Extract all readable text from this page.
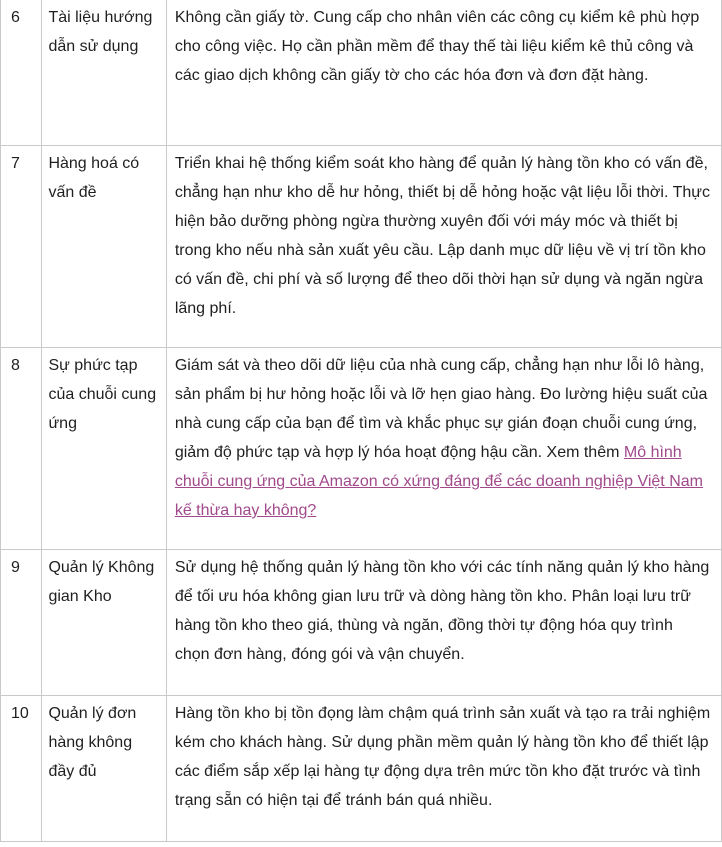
6	Tài liệu hướng dẫn sử dụng	Không cần giấy tờ. Cung cấp cho nhân viên các công cụ kiểm kê phù hợp cho công việc. Họ cần phần mềm để thay thế tài liệu kiểm kê thủ công và các giao dịch không cần giấy tờ cho các hóa đơn và đơn đặt hàng.

7	Hàng hoá có vấn đề	Triển khai hệ thống kiểm soát kho hàng để quản lý hàng tồn kho có vấn đề, chẳng hạn như kho dễ hư hỏng, thiết bị dễ hỏng hoặc vật liệu lỗi thời. Thực hiện bảo dưỡng phòng ngừa thường xuyên đối với máy móc và thiết bị trong kho nếu nhà sản xuất yêu cầu. Lập danh mục dữ liệu về vị trí tồn kho có vấn đề, chi phí và số lượng để theo dõi thời hạn sử dụng và ngăn ngừa lãng phí.

8	Sự phức tạp của chuỗi cung ứng	Giám sát và theo dõi dữ liệu của nhà cung cấp, chẳng hạn như lỗi lô hàng, sản phẩm bị hư hỏng hoặc lỗi và lỡ hẹn giao hàng. Đo lường hiệu suất của nhà cung cấp của bạn để tìm và khắc phục sự gián đoạn chuỗi cung ứng, giảm độ phức tạp và hợp lý hóa hoạt động hậu cần. Xem thêm Mô hình chuỗi cung ứng của Amazon có xứng đáng để các doanh nghiệp Việt Nam kế thừa hay không?

9	Quản lý Không gian Kho	Sử dụng hệ thống quản lý hàng tồn kho với các tính năng quản lý kho hàng để tối ưu hóa không gian lưu trữ và dòng hàng tồn kho. Phân loại lưu trữ hàng tồn kho theo giá, thùng và ngăn, đồng thời tự động hóa quy trình chọn đơn hàng, đóng gói và vận chuyển.

10	Quản lý đơn hàng không đầy đủ	Hàng tồn kho bị tồn đọng làm chậm quá trình sản xuất và tạo ra trải nghiệm kém cho khách hàng. Sử dụng phần mềm quản lý hàng tồn kho để thiết lập các điểm sắp xếp lại hàng tự động dựa trên mức tồn kho đặt trước và tình trạng sẵn có hiện tại để tránh bán quá nhiều.
